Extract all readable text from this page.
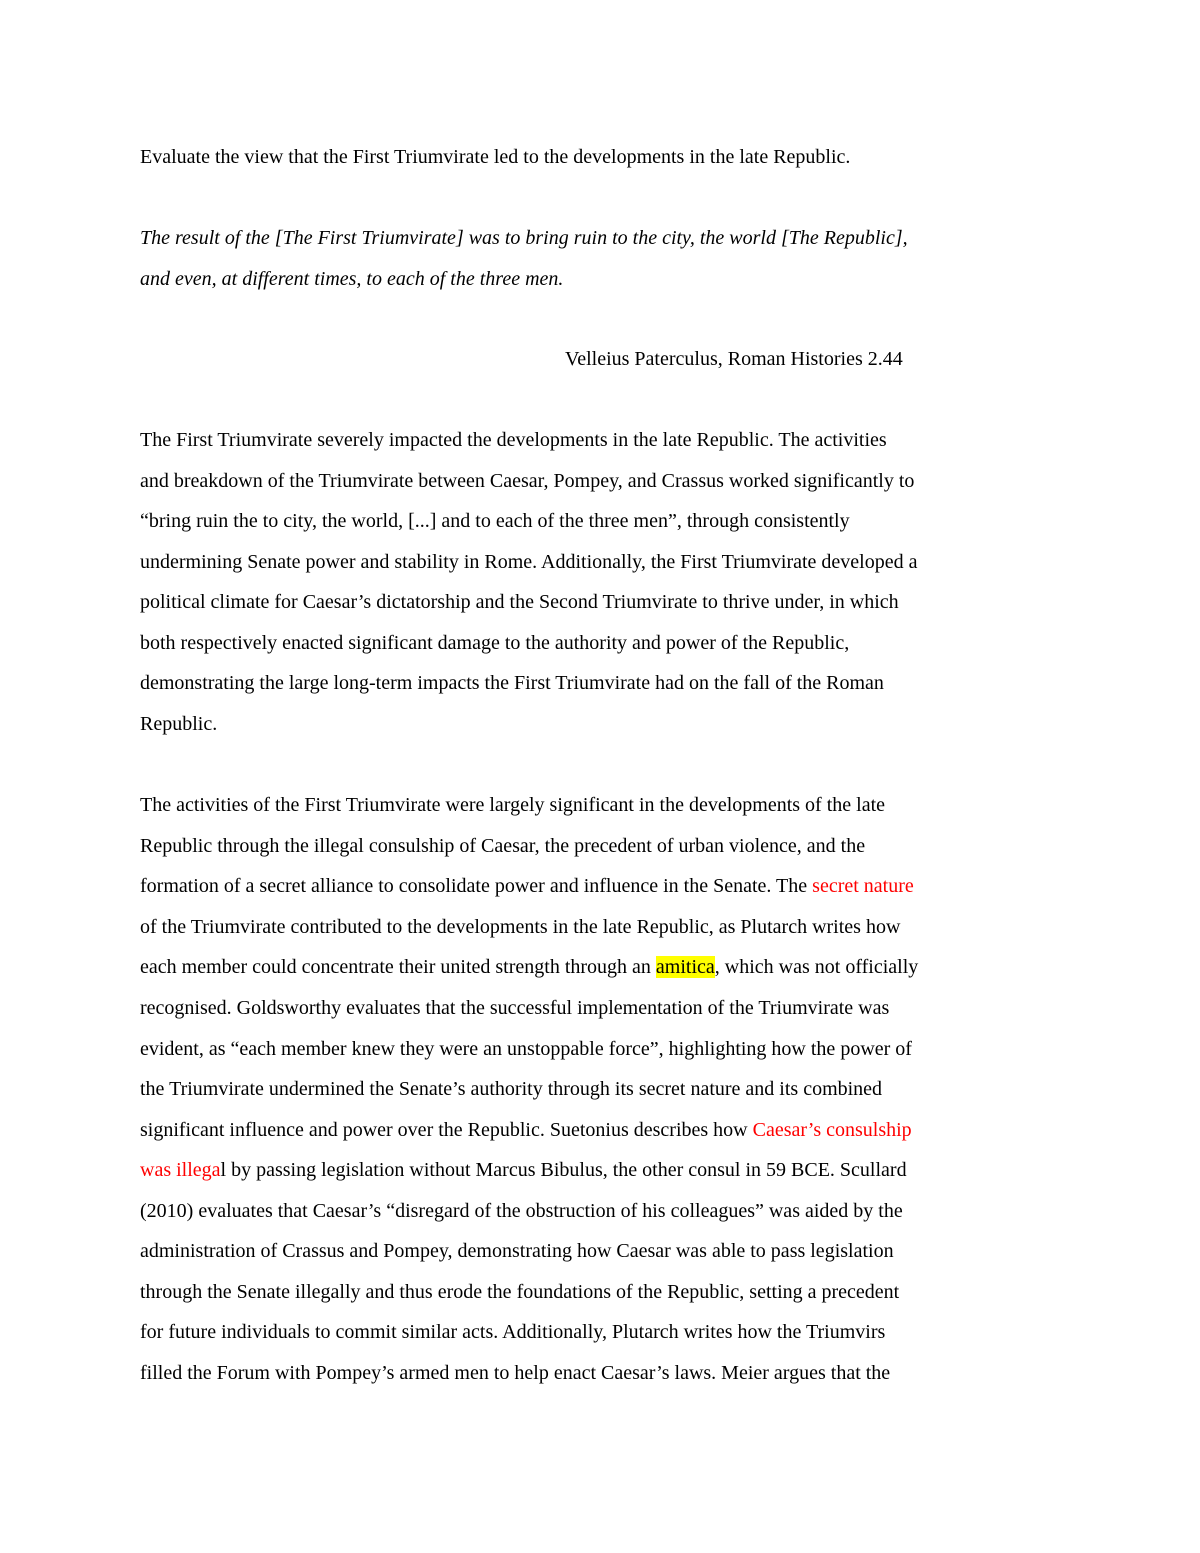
Evaluate the view that the First Triumvirate led to the developments in the late Republic.
The result of the [The First Triumvirate] was to bring ruin to the city, the world [The Republic],
and even, at different times, to each of the three men.
Velleius Paterculus, Roman Histories 2.44
The First Triumvirate severely impacted the developments in the late Republic. The activities
and breakdown of the Triumvirate between Caesar, Pompey, and Crassus worked significantly to
“bring ruin the to city, the world, [...] and to each of the three men”, through consistently
undermining Senate power and stability in Rome. Additionally, the First Triumvirate developed a
political climate for Caesar’s dictatorship and the Second Triumvirate to thrive under, in which
both respectively enacted significant damage to the authority and power of the Republic,
demonstrating the large long-term impacts the First Triumvirate had on the fall of the Roman
Republic.
The activities of the First Triumvirate were largely significant in the developments of the late
Republic through the illegal consulship of Caesar, the precedent of urban violence, and the
formation of a secret alliance to consolidate power and influence in the Senate. The secret nature
of the Triumvirate contributed to the developments in the late Republic, as Plutarch writes how
each member could concentrate their united strength through an amitica, which was not officially
recognised. Goldsworthy evaluates that the successful implementation of the Triumvirate was
evident, as “each member knew they were an unstoppable force”, highlighting how the power of
the Triumvirate undermined the Senate’s authority through its secret nature and its combined
significant influence and power over the Republic. Suetonius describes how Caesar’s consulship
was illegal by passing legislation without Marcus Bibulus, the other consul in 59 BCE. Scullard
(2010) evaluates that Caesar’s “disregard of the obstruction of his colleagues” was aided by the
administration of Crassus and Pompey, demonstrating how Caesar was able to pass legislation
through the Senate illegally and thus erode the foundations of the Republic, setting a precedent
for future individuals to commit similar acts. Additionally, Plutarch writes how the Triumvirs
filled the Forum with Pompey’s armed men to help enact Caesar’s laws. Meier argues that the
